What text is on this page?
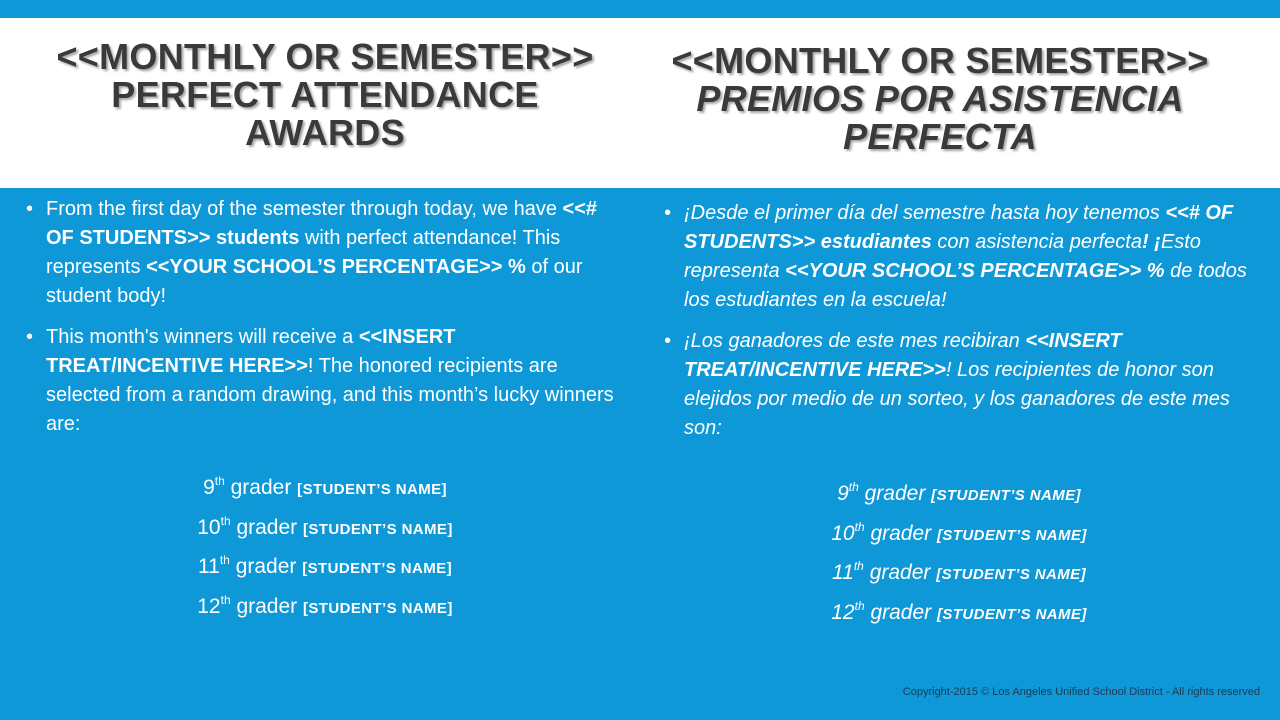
<<MONTHLY OR SEMESTER>>
PERFECT ATTENDANCE
AWARDS
<<MONTHLY OR SEMESTER>>
PREMIOS POR ASISTENCIA
PERFECTA
• From the first day of the semester through today, we have <<# OF STUDENTS>> students with perfect attendance! This represents <<YOUR SCHOOL’S PERCENTAGE>> % of our student body!
• This month's winners will receive a <<INSERT TREAT/INCENTIVE HERE>>! The honored recipients are selected from a random drawing, and this month’s lucky winners are:
9th grader [STUDENT’S NAME]
10th grader [STUDENT’S NAME]
11th grader [STUDENT’S NAME]
12th grader [STUDENT’S NAME]
• ¡Desde el primer día del semestre hasta hoy tenemos <<# OF STUDENTS>> estudiantes con asistencia perfecta! ¡Esto representa <<YOUR SCHOOL’S PERCENTAGE>> % de todos los estudiantes en la escuela!
• ¡Los ganadores de este mes recibiran <<INSERT TREAT/INCENTIVE HERE>>! Los recipientes de honor son elejidos por medio de un sorteo, y los ganadores de este mes son:
9th grader [STUDENT’S NAME]
10th grader [STUDENT’S NAME]
11th grader [STUDENT’S NAME]
12th grader [STUDENT’S NAME]
Copyright-2015 © Los Angeles Unified School District - All rights reserved
